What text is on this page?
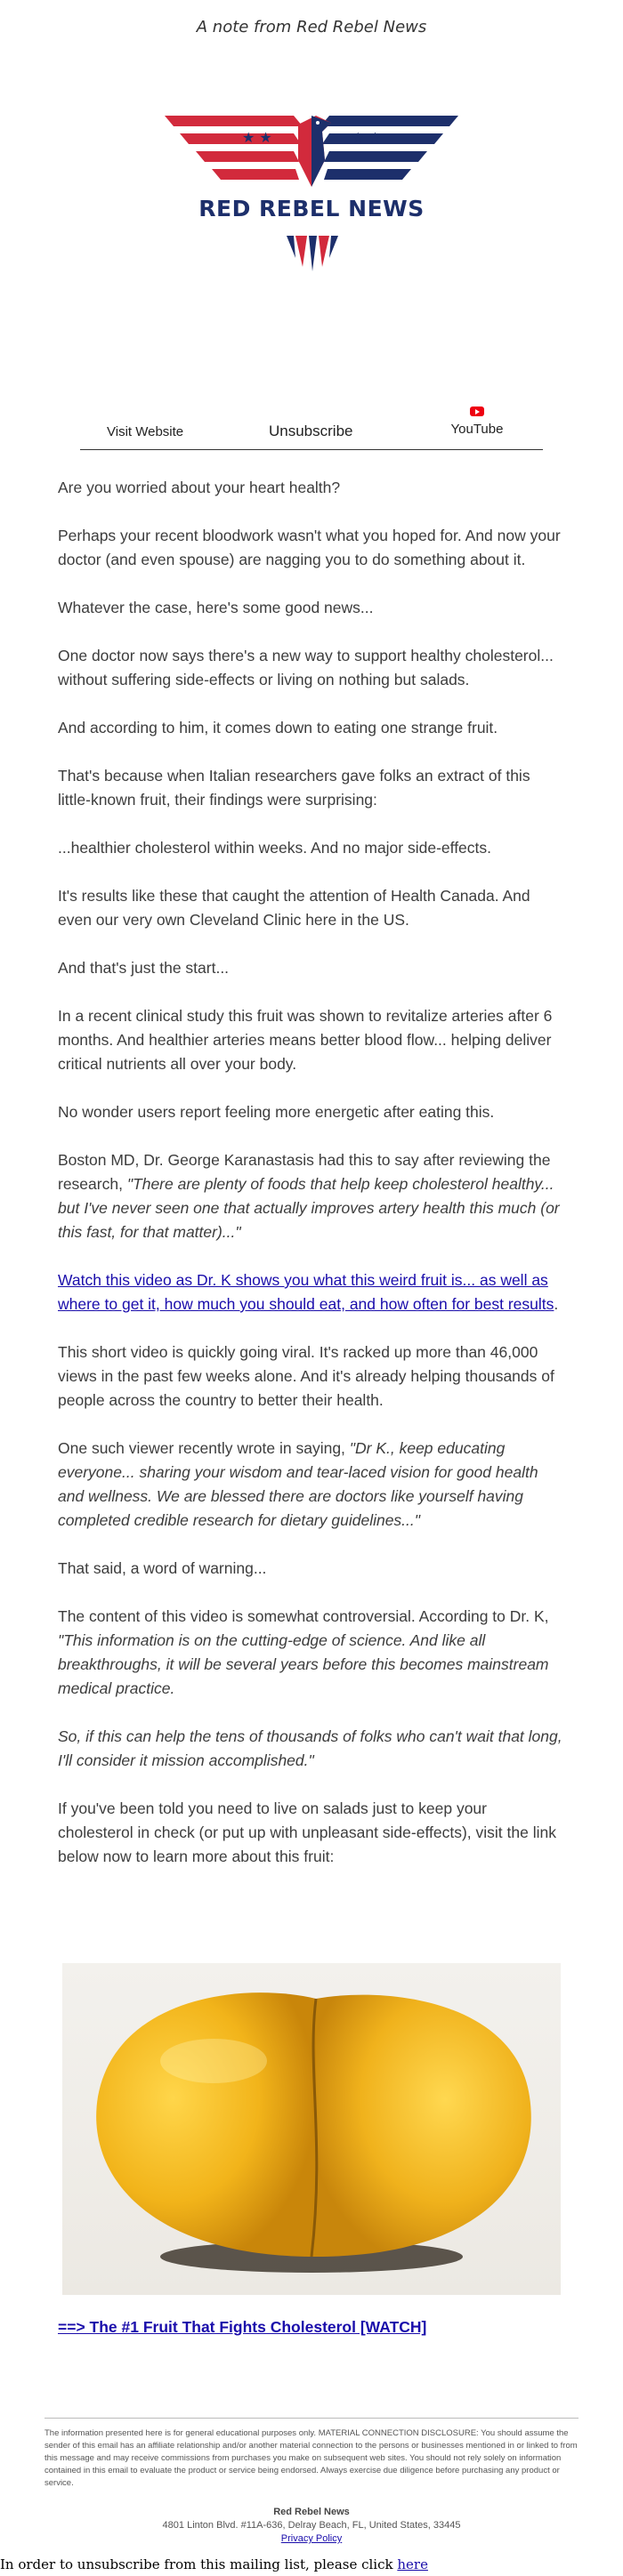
A note from Red Rebel News
★ ★	★ ★
RED REBEL NEWS
Visit Website	Unsubscribe	YouTube

Are you worried about your heart health?

Perhaps your recent bloodwork wasn't what you hoped for. And now your doctor (and even spouse) are nagging you to do something about it.

Whatever the case, here's some good news...

One doctor now says there's a new way to support healthy cholesterol... without suffering side-effects or living on nothing but salads.

And according to him, it comes down to eating one strange fruit.

That's because when Italian researchers gave folks an extract of this little-known fruit, their findings were surprising:

...healthier cholesterol within weeks. And no major side-effects.

It's results like these that caught the attention of Health Canada. And even our very own Cleveland Clinic here in the US.

And that's just the start...

In a recent clinical study this fruit was shown to revitalize arteries after 6 months. And healthier arteries means better blood flow... helping deliver critical nutrients all over your body.

No wonder users report feeling more energetic after eating this.

Boston MD, Dr. George Karanastasis had this to say after reviewing the research, "There are plenty of foods that help keep cholesterol healthy... but I've never seen one that actually improves artery health this much (or this fast, for that matter)..."

Watch this video as Dr. K shows you what this weird fruit is... as well as where to get it, how much you should eat, and how often for best results.

This short video is quickly going viral. It's racked up more than 46,000 views in the past few weeks alone. And it's already helping thousands of people across the country to better their health.

One such viewer recently wrote in saying, "Dr K., keep educating everyone... sharing your wisdom and tear-laced vision for good health and wellness. We are blessed there are doctors like yourself having completed credible research for dietary guidelines..."

That said, a word of warning...

The content of this video is somewhat controversial. According to Dr. K, "This information is on the cutting-edge of science. And like all breakthroughs, it will be several years before this becomes mainstream medical practice.

So, if this can help the tens of thousands of folks who can't wait that long, I'll consider it mission accomplished."

If you've been told you need to live on salads just to keep your cholesterol in check (or put up with unpleasant side-effects), visit the link below now to learn more about this fruit:

==> The #1 Fruit That Fights Cholesterol [WATCH]
The information presented here is for general educational purposes only. MATERIAL CONNECTION DISCLOSURE: You should assume the sender of this email has an affiliate relationship and/or another material connection to the persons or businesses mentioned in or linked to from this message and may receive commissions from purchases you make on subsequent web sites. You should not rely solely on information contained in this email to evaluate the product or service being endorsed. Always exercise due diligence before purchasing any product or service.
Red Rebel News
4801 Linton Blvd. #11A-636, Delray Beach, FL, United States, 33445
Privacy Policy
In order to unsubscribe from this mailing list, please click here
